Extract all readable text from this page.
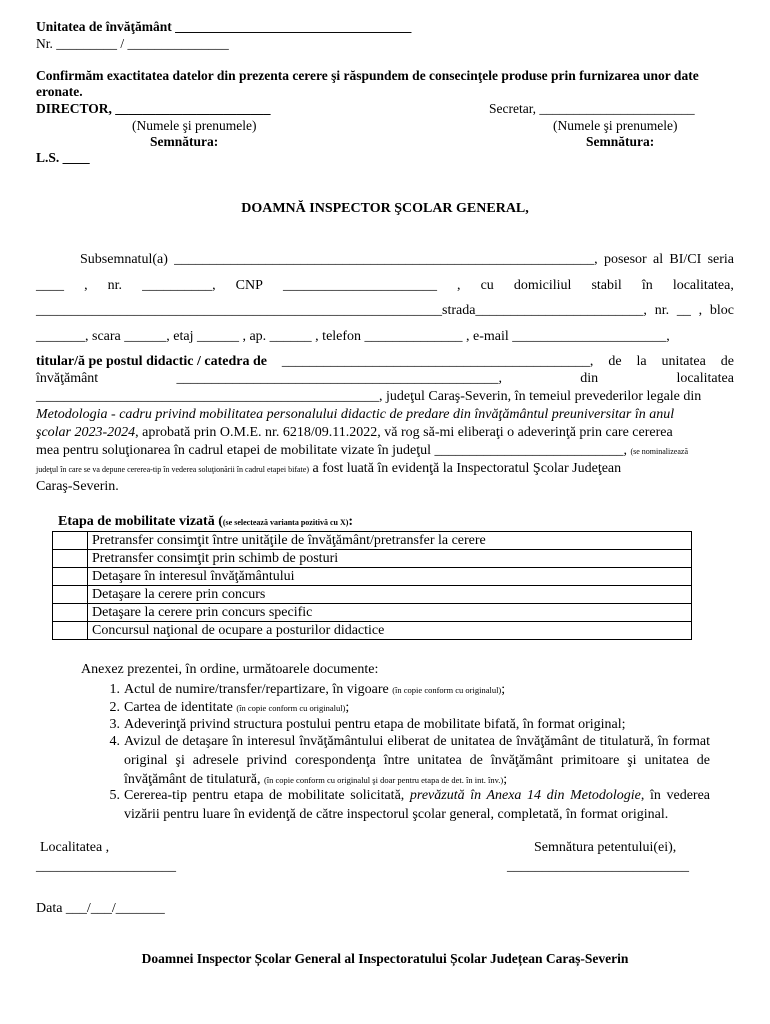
Unitatea de învăţământ ___________________________________
Nr. _________ / _______________
Confirmăm exactitatea datelor din prezenta cerere şi răspundem de consecinţele produse prin furnizarea unor date
eronate.
DIRECTOR, _______________________	Secretar, _______________________
(Numele şi prenumele)	(Numele şi prenumele)
Semnătura:	Semnătura:
L.S. ____
DOAMNĂ INSPECTOR ŞCOLAR GENERAL,
Subsemnatul(a) ____________________________________________________________, posesor al BI/CI seria
____ , nr. __________, CNP ______________________ , cu domiciliul stabil în localitatea,
__________________________________________________________strada________________________, nr. __ , bloc
_______, scara ______, etaj ______ , ap. ______ , telefon ______________ , e-mail ______________________,
titular/ă pe postul didactic / catedra de ____________________________________________, de la unitatea de
învăţământ	______________________________________________,	din	localitatea
_________________________________________________, judeţul Caraş-Severin, în temeiul prevederilor legale din
Metodologia - cadru privind mobilitatea personalului didactic de predare din învăţământul preuniversitar în anul
şcolar 2023-2024, aprobată prin O.M.E. nr. 6218/09.11.2022, vă rog să-mi eliberaţi o adeverinţă prin care cererea
mea pentru soluţionarea în cadrul etapei de mobilitate vizate în judeţul ___________________________, (se nominalizează
judeţul în care se va depune cererea-tip în vederea soluţionării în cadrul etapei bifate) a fost luată în evidenţă la Inspectoratul Şcolar Judeţean
Caraş-Severin.
Etapa de mobilitate vizată ((se selectează varianta pozitivă cu X):
	Pretransfer consimţit între unităţile de învăţământ/pretransfer la cerere
	Pretransfer consimţit prin schimb de posturi
	Detaşare în interesul învăţământului
	Detaşare la cerere prin concurs
	Detaşare la cerere prin concurs specific
	Concursul naţional de ocupare a posturilor didactice
Anexez prezentei, în ordine, următoarele documente:
1. Actul de numire/transfer/repartizare, în vigoare (în copie conform cu originalul);
2. Cartea de identitate (în copie conform cu originalul);
3. Adeverinţă privind structura postului pentru etapa de mobilitate bifată, în format original;
4. Avizul de detaşare în interesul învăţământului eliberat de unitatea de învăţământ de titulatură, în format original şi adresele privind corespondenţa între unitatea de învăţământ primitoare şi unitatea de învăţământ de titulatură, (în copie conform cu originalul şi doar pentru etapa de det. în int. înv.);
5. Cererea-tip pentru etapa de mobilitate solicitată, prevăzută în Anexa 14 din Metodologie, în vederea vizării pentru luare în evidenţă de către inspectorul şcolar general, completată, în format original.
Localitatea ,
____________________
Semnătura petentului(ei),
__________________________
Data ___/___/_______
Doamnei Inspector Școlar General al Inspectoratului Școlar Județean Caraș-Severin
